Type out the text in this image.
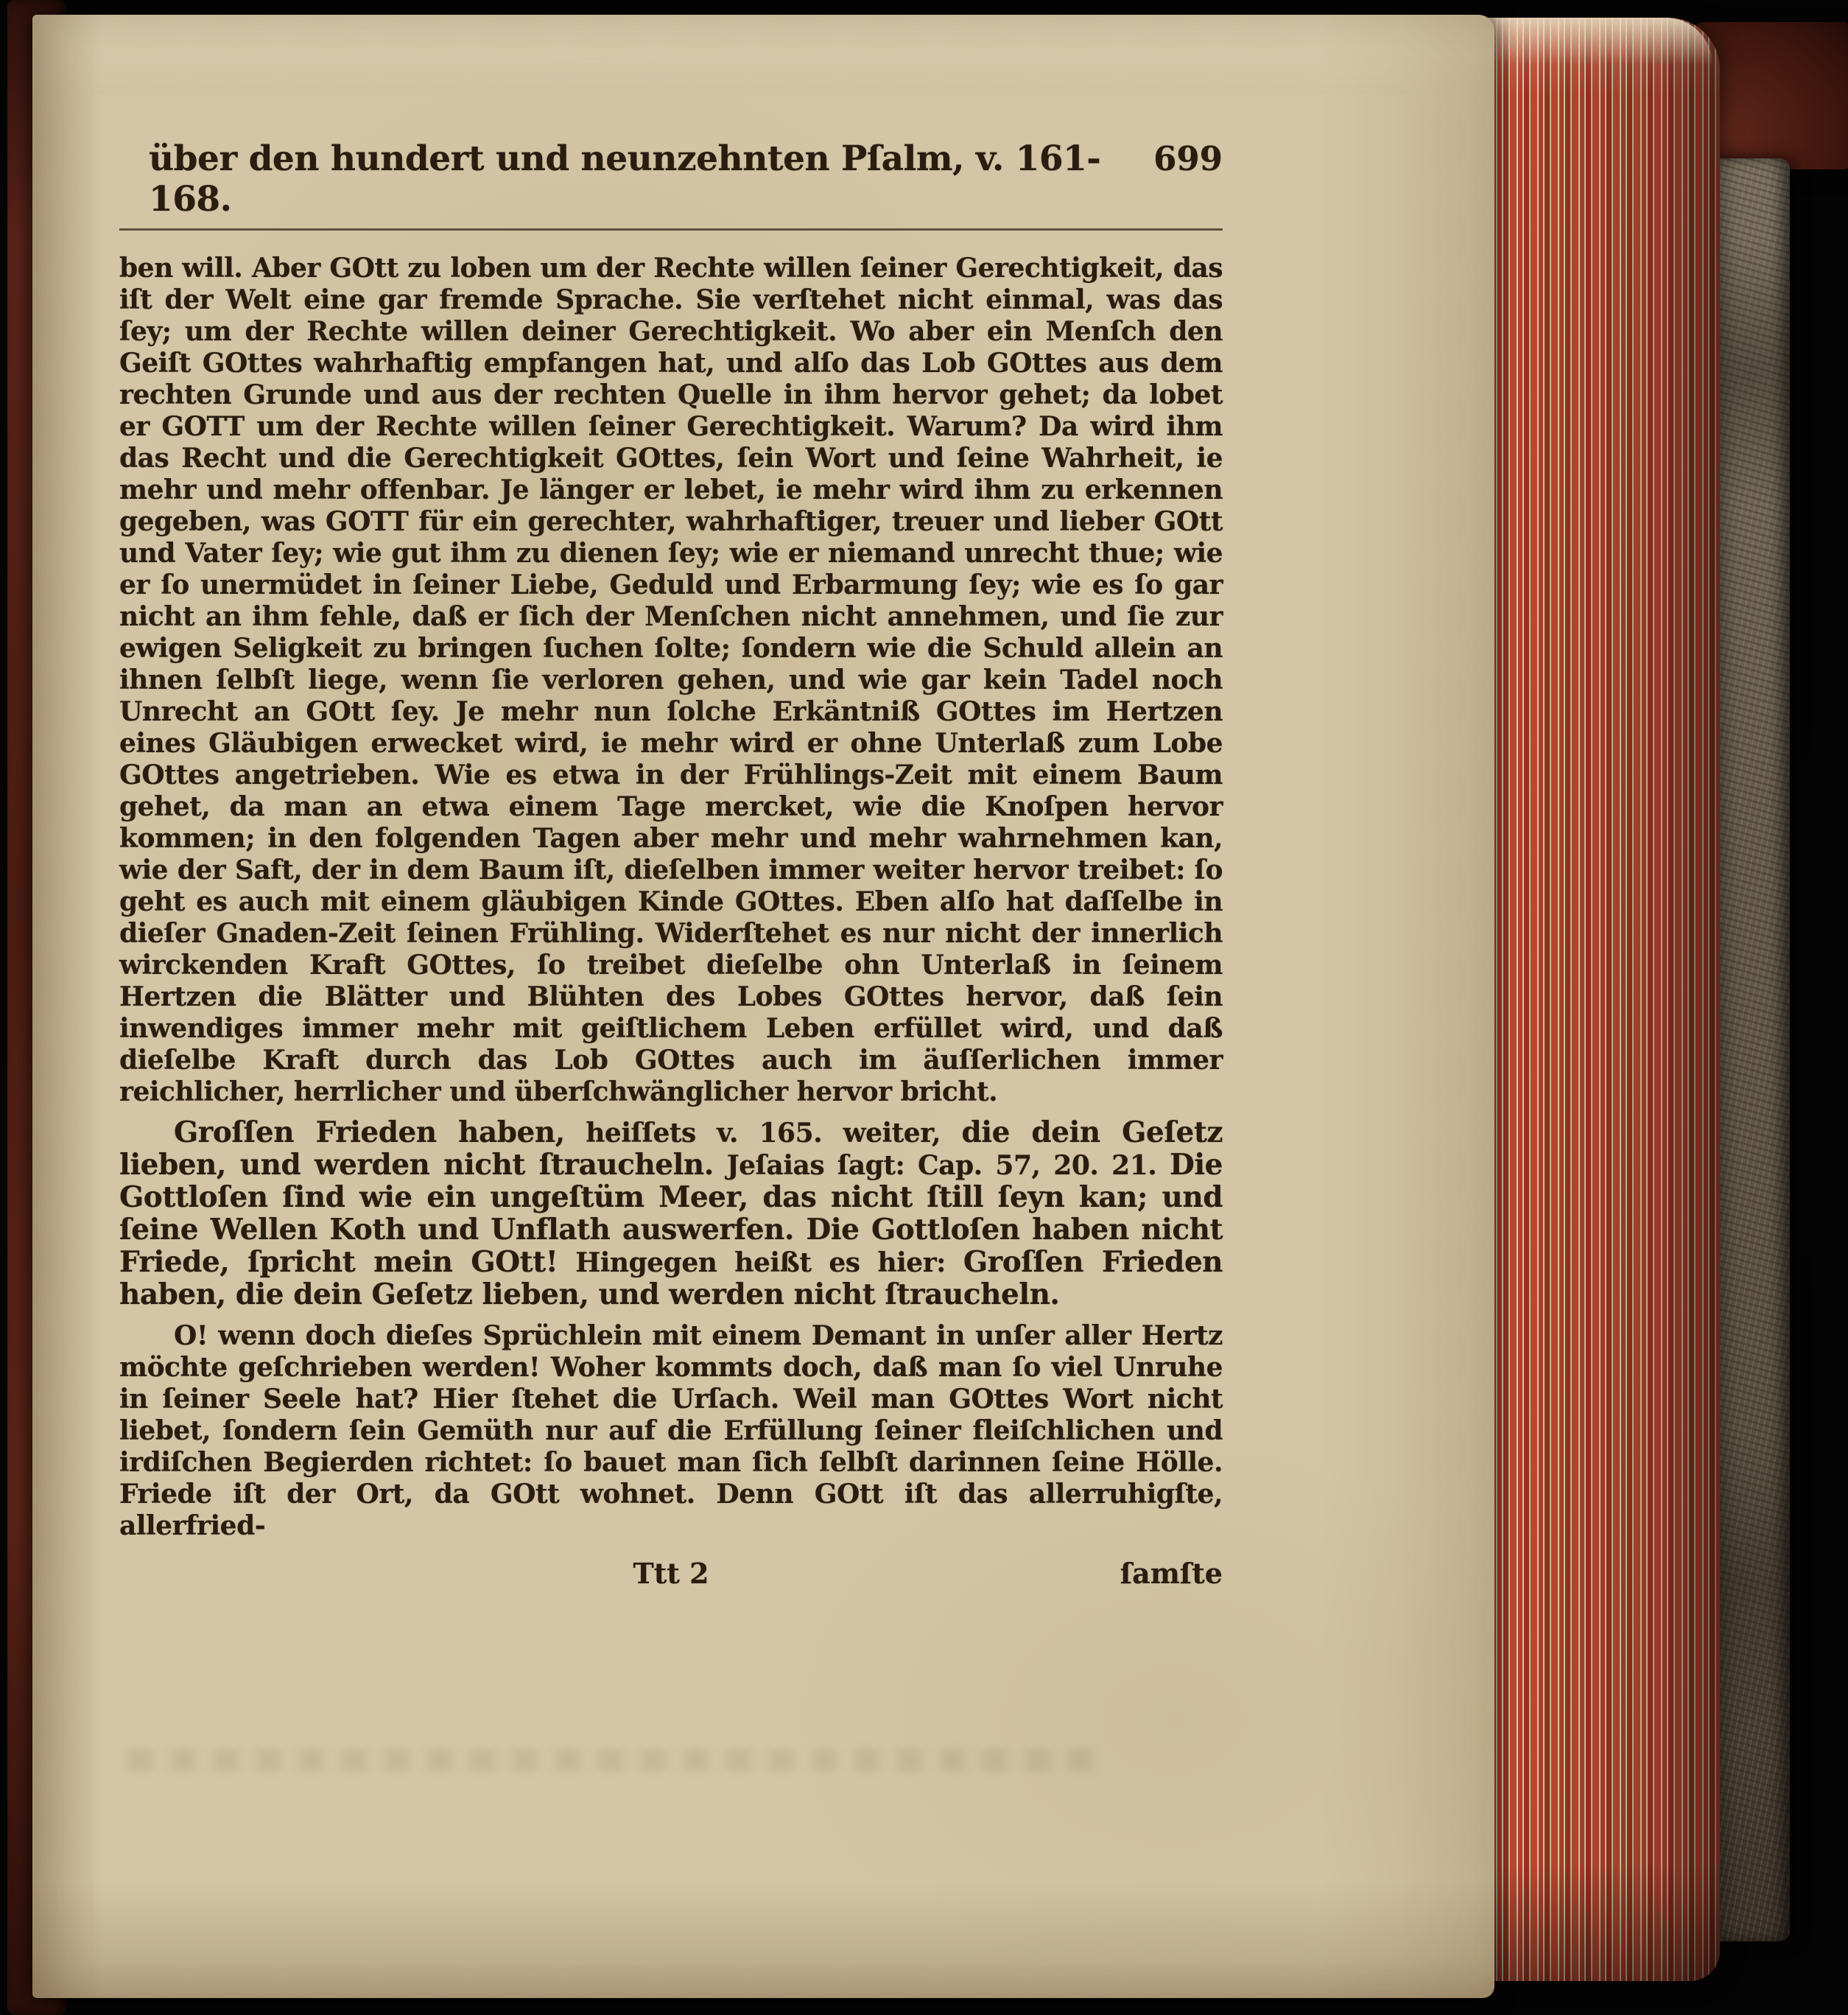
über den hundert und neunzehnten Pſalm, v. 161-168.
699

ben will. Aber GOtt zu loben um der Rechte willen ſeiner Gerechtigkeit, das iſt der Welt eine gar fremde Sprache. Sie verſtehet nicht einmal, was das ſey; um der Rechte willen deiner Gerechtigkeit. Wo aber ein Menſch den Geiſt GOttes wahrhaftig empfangen hat, und alſo das Lob GOttes aus dem rechten Grunde und aus der rechten Quelle in ihm hervor gehet; da lobet er GOTT um der Rechte willen ſeiner Gerechtigkeit. Warum? Da wird ihm das Recht und die Gerechtigkeit GOttes, ſein Wort und ſeine Wahrheit, ie mehr und mehr offenbar. Je länger er lebet, ie mehr wird ihm zu erkennen gegeben, was GOTT für ein gerechter, wahrhaftiger, treuer und lieber GOtt und Vater ſey; wie gut ihm zu dienen ſey; wie er niemand unrecht thue; wie er ſo unermüdet in ſeiner Liebe, Geduld und Erbarmung ſey; wie es ſo gar nicht an ihm fehle, daß er ſich der Menſchen nicht annehmen, und ſie zur ewigen Seligkeit zu bringen ſuchen ſolte; ſondern wie die Schuld allein an ihnen ſelbſt liege, wenn ſie verloren gehen, und wie gar kein Tadel noch Unrecht an GOtt ſey. Je mehr nun ſolche Erkäntniß GOttes im Hertzen eines Gläubigen erwecket wird, ie mehr wird er ohne Unterlaß zum Lobe GOttes angetrieben. Wie es etwa in der Frühlings-Zeit mit einem Baum gehet, da man an etwa einem Tage mercket, wie die Knoſpen hervor kommen; in den folgenden Tagen aber mehr und mehr wahrnehmen kan, wie der Saft, der in dem Baum iſt, dieſelben immer weiter hervor treibet: ſo geht es auch mit einem gläubigen Kinde GOttes. Eben alſo hat daſſelbe in dieſer Gnaden-Zeit ſeinen Frühling. Widerſtehet es nur nicht der innerlich wirckenden Kraft GOttes, ſo treibet dieſelbe ohn Unterlaß in ſeinem Hertzen die Blätter und Blühten des Lobes GOttes hervor, daß ſein inwendiges immer mehr mit geiſtlichem Leben erfüllet wird, und daß dieſelbe Kraft durch das Lob GOttes auch im äuſſerlichen immer reichlicher, herrlicher und überſchwänglicher hervor bricht.

Groſſen Frieden haben, heiſſets v. 165. weiter, die dein Geſetz lieben, und werden nicht ſtraucheln. Jeſaias ſagt: Cap. 57, 20. 21. Die Gottloſen ſind wie ein ungeſtüm Meer, das nicht ſtill ſeyn kan; und ſeine Wellen Koth und Unflath auswerfen. Die Gottloſen haben nicht Friede, ſpricht mein GOtt! Hingegen heißt es hier: Groſſen Frieden haben, die dein Geſetz lieben, und werden nicht ſtraucheln.

O! wenn doch dieſes Sprüchlein mit einem Demant in unſer aller Hertz möchte geſchrieben werden! Woher kommts doch, daß man ſo viel Unruhe in ſeiner Seele hat? Hier ſtehet die Urſach. Weil man GOttes Wort nicht liebet, ſondern ſein Gemüth nur auf die Erfüllung ſeiner fleiſchlichen und irdiſchen Begierden richtet: ſo bauet man ſich ſelbſt darinnen ſeine Hölle. Friede iſt der Ort, da GOtt wohnet. Denn GOtt iſt das allerruhigſte, allerfried-

Ttt 2	ſamſte
